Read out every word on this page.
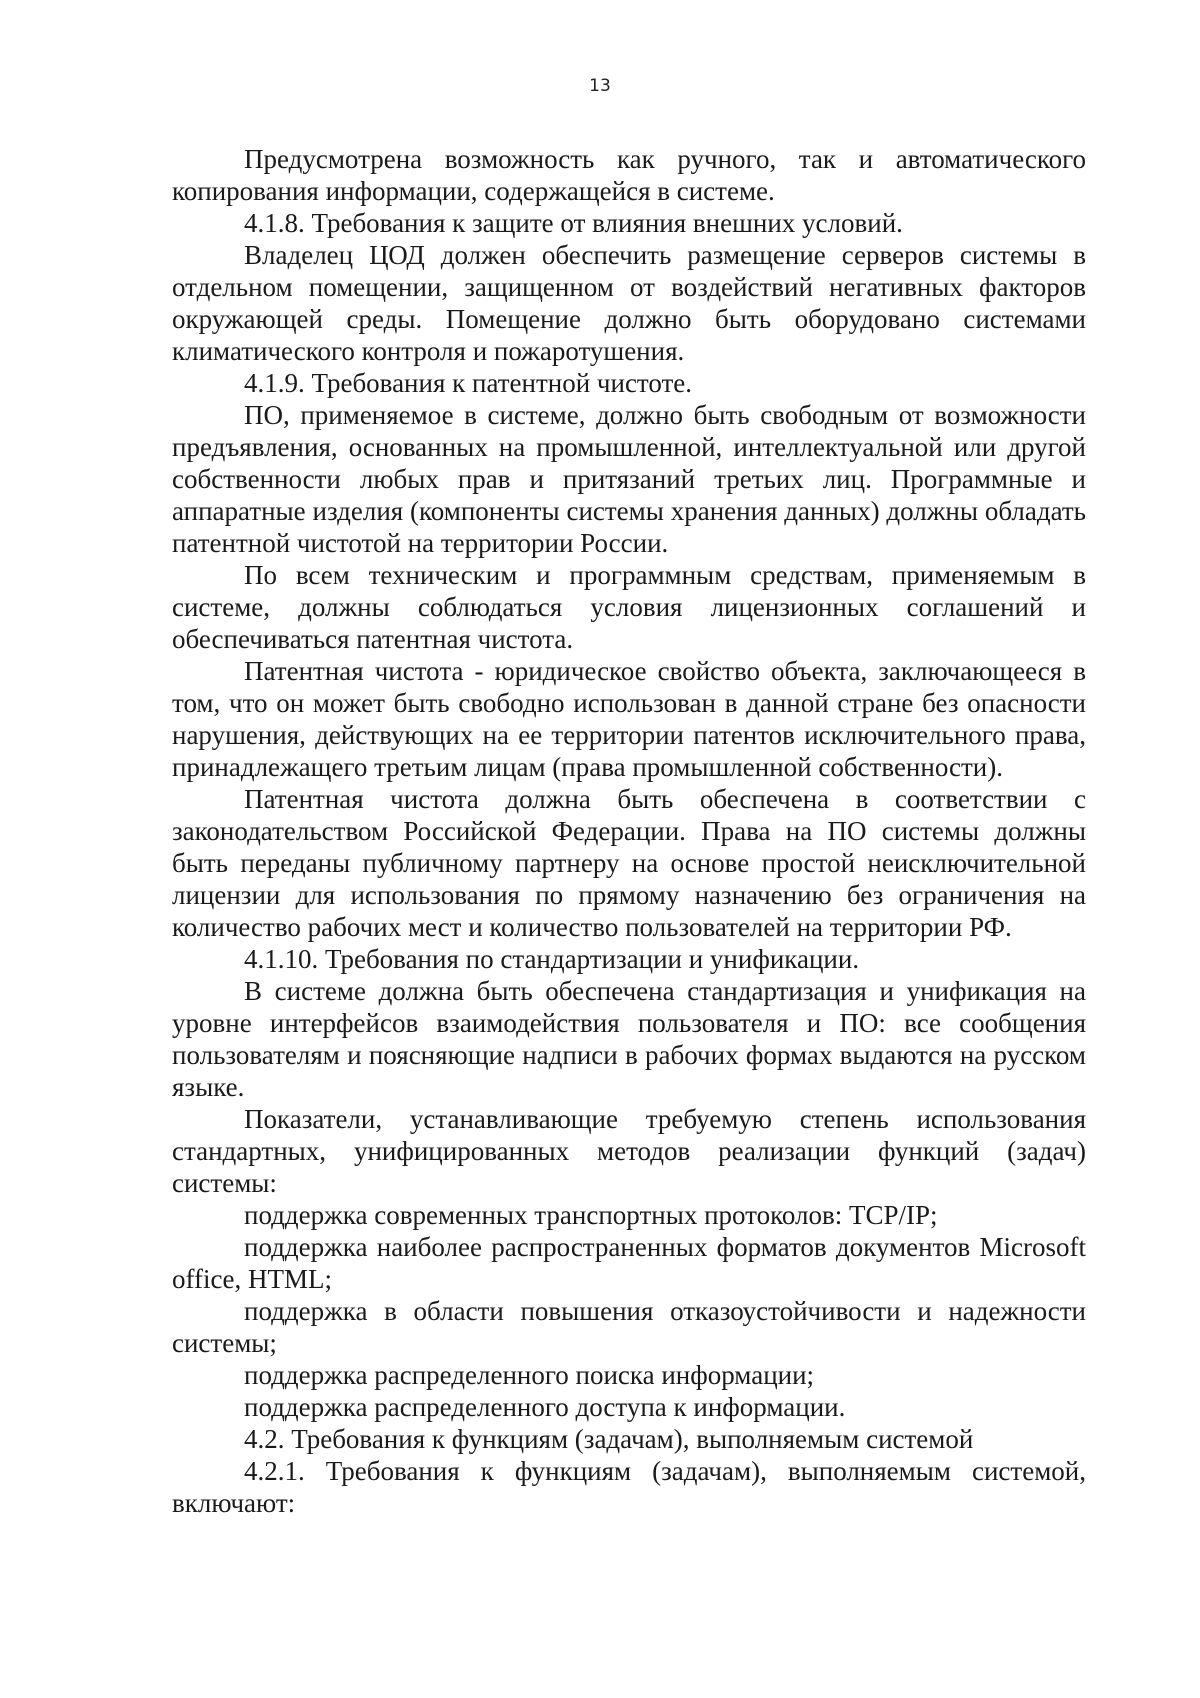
13

Предусмотрена возможность как ручного, так и автоматического копирования информации, содержащейся в системе.

4.1.8. Требования к защите от влияния внешних условий.

Владелец ЦОД должен обеспечить размещение серверов системы в отдельном помещении, защищенном от воздействий негативных факторов окружающей среды. Помещение должно быть оборудовано системами климатического контроля и пожаротушения.

4.1.9. Требования к патентной чистоте.

ПО, применяемое в системе, должно быть свободным от возможности предъявления, основанных на промышленной, интеллектуальной или другой собственности любых прав и притязаний третьих лиц. Программные и аппаратные изделия (компоненты системы хранения данных) должны обладать патентной чистотой на территории России.

По всем техническим и программным средствам, применяемым в системе, должны соблюдаться условия лицензионных соглашений и обеспечиваться патентная чистота.

Патентная чистота - юридическое свойство объекта, заключающееся в том, что он может быть свободно использован в данной стране без опасности нарушения, действующих на ее территории патентов исключительного права, принадлежащего третьим лицам (права промышленной собственности).

Патентная чистота должна быть обеспечена в соответствии с законодательством Российской Федерации. Права на ПО системы должны быть переданы публичному партнеру на основе простой неисключительной лицензии для использования по прямому назначению без ограничения на количество рабочих мест и количество пользователей на территории РФ.

4.1.10. Требования по стандартизации и унификации.

В системе должна быть обеспечена стандартизация и унификация на уровне интерфейсов взаимодействия пользователя и ПО: все сообщения пользователям и поясняющие надписи в рабочих формах выдаются на русском языке.

Показатели, устанавливающие требуемую степень использования стандартных, унифицированных методов реализации функций (задач) системы:

поддержка современных транспортных протоколов: TCP/IP;

поддержка наиболее распространенных форматов документов Microsoft office, HTML;

поддержка в области повышения отказоустойчивости и надежности системы;

поддержка распределенного поиска информации;

поддержка распределенного доступа к информации.

4.2. Требования к функциям (задачам), выполняемым системой

4.2.1. Требования к функциям (задачам), выполняемым системой, включают:
